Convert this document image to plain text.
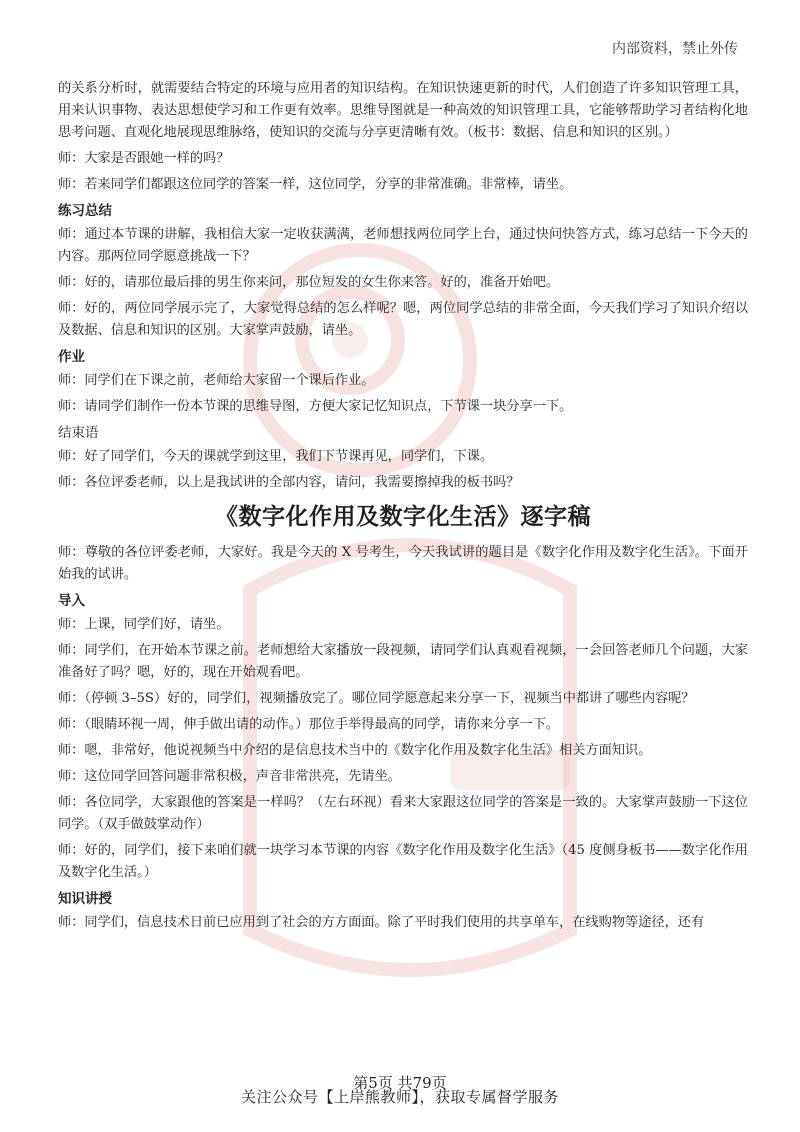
内部资料，禁止外传

的关系分析时，就需要结合特定的环境与应用者的知识结构。在知识快速更新的时代，人们创造了许多知识管理工具，用来认识事物、表达思想使学习和工作更有效率。思维导图就是一种高效的知识管理工具，它能够帮助学习者结构化地思考问题、直观化地展现思维脉络，使知识的交流与分享更清晰有效。（板书：数据、信息和知识的区别。）

师：大家是否跟她一样的吗？

师：若来同学们都跟这位同学的答案一样，这位同学，分享的非常准确。非常棒，请坐。

练习总结

师：通过本节课的讲解，我相信大家一定收获满满，老师想找两位同学上台，通过快问快答方式，练习总结一下今天的内容。那两位同学愿意挑战一下？

师：好的，请那位最后排的男生你来问，那位短发的女生你来答。好的，准备开始吧。

师：好的，两位同学展示完了，大家觉得总结的怎么样呢？嗯，两位同学总结的非常全面，今天我们学习了知识介绍以及数据、信息和知识的区别。大家掌声鼓励，请坐。

作业

师：同学们在下课之前，老师给大家留一个课后作业。

师：请同学们制作一份本节课的思维导图，方便大家记忆知识点，下节课一块分享一下。

结束语

师：好了同学们，今天的课就学到这里，我们下节课再见，同学们，下课。

师：各位评委老师，以上是我试讲的全部内容，请问，我需要擦掉我的板书吗？

《数字化作用及数字化生活》逐字稿

师：尊敬的各位评委老师，大家好。我是今天的 X 号考生，今天我试讲的题目是《数字化作用及数字化生活》。下面开始我的试讲。

导入

师：上课，同学们好，请坐。

师：同学们，在开始本节课之前。老师想给大家播放一段视频，请同学们认真观看视频，一会回答老师几个问题，大家准备好了吗？嗯，好的，现在开始观看吧。

师：（停顿 3–5S）好的，同学们，视频播放完了。哪位同学愿意起来分享一下，视频当中都讲了哪些内容呢？

师：（眼睛环视一周，伸手做出请的动作。）那位手举得最高的同学，请你来分享一下。

师：嗯，非常好，他说视频当中介绍的是信息技术当中的《数字化作用及数字化生活》相关方面知识。

师：这位同学回答问题非常积极，声音非常洪亮，先请坐。

师：各位同学，大家跟他的答案是一样吗？（左右环视）看来大家跟这位同学的答案是一致的。大家掌声鼓励一下这位同学。（双手做鼓掌动作）

师：好的，同学们，接下来咱们就一块学习本节课的内容《数字化作用及数字化生活》（45 度侧身板书——数字化作用及数字化生活。）

知识讲授

师：同学们，信息技术日前已应用到了社会的方方面面。除了平时我们使用的共享单车，在线购物等途径，还有

第5页 共79页
关注公众号【上岸熊教师】，获取专属督学服务
